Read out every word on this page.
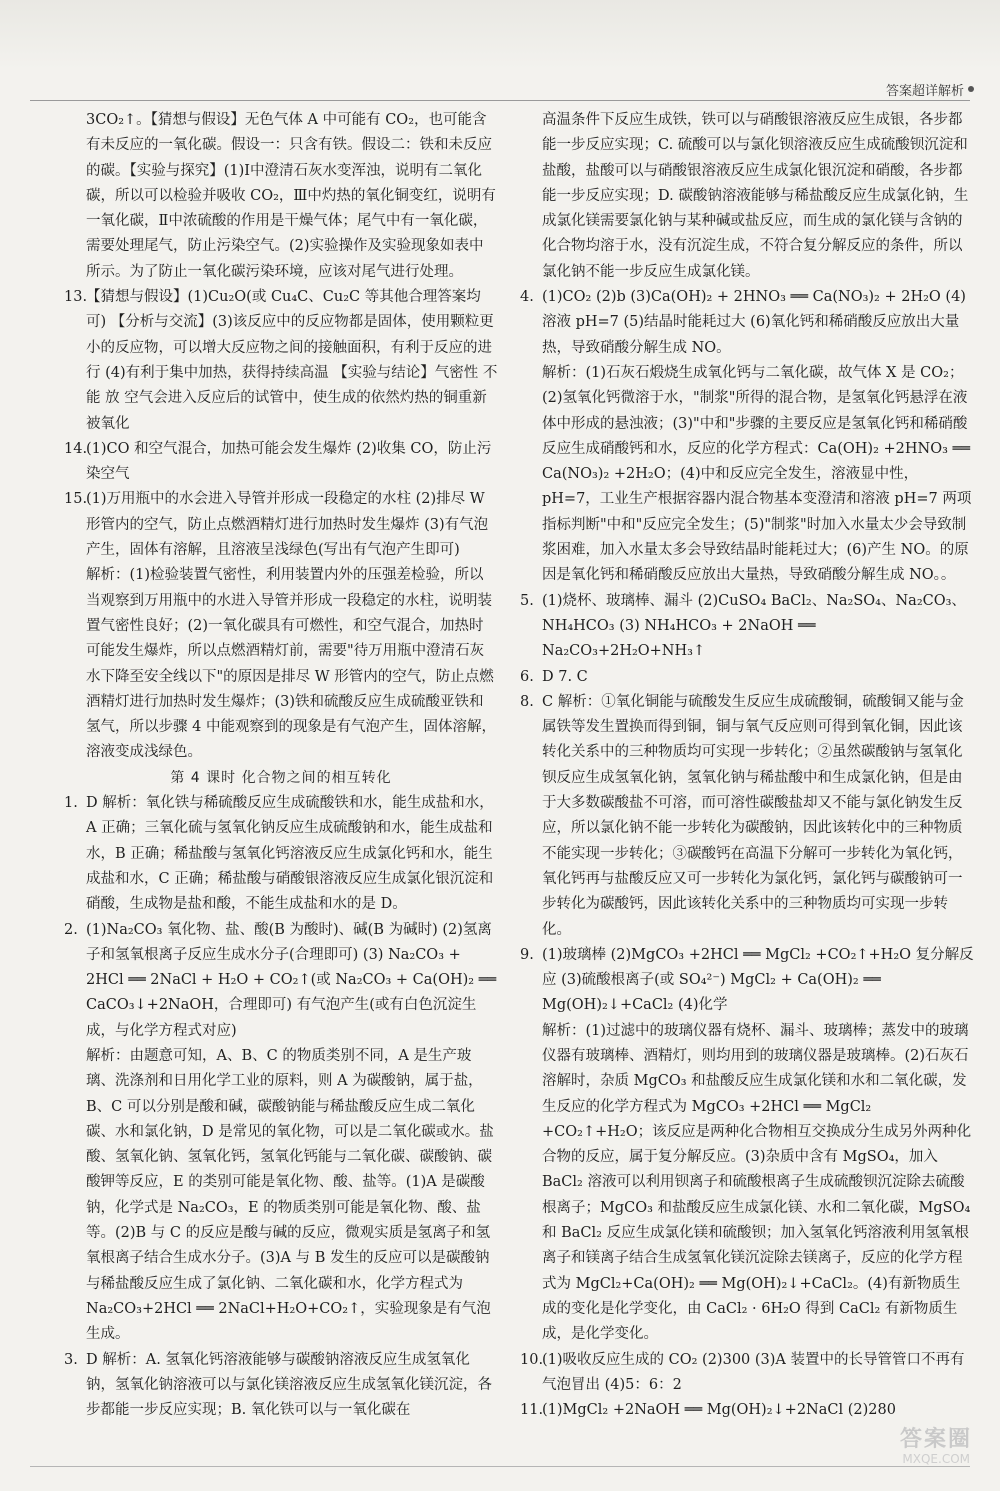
答案超详解析

3CO₂↑。【猜想与假设】无色气体 A 中可能有 CO₂，也可能含有未反应的一氧化碳。假设一：只含有铁。假设二：铁和未反应的碳。【实验与探究】(1)Ⅰ中澄清石灰水变浑浊，说明有二氧化碳，所以可以检验并吸收 CO₂，Ⅲ中灼热的氧化铜变红，说明有一氧化碳，Ⅱ中浓硫酸的作用是干燥气体；尾气中有一氧化碳，需要处理尾气，防止污染空气。(2)实验操作及实验现象如表中所示。为了防止一氧化碳污染环境，应该对尾气进行处理。

13.
【猜想与假设】(1)Cu₂O(或 Cu₄C、Cu₂C 等其他合理答案均可) 【分析与交流】(3)该反应中的反应物都是固体，使用颗粒更小的反应物，可以增大反应物之间的接触面积，有利于反应的进行 (4)有利于集中加热，获得持续高温 【实验与结论】气密性 不能 放 空气会进入反应后的试管中，使生成的依然灼热的铜重新被氧化
14.
(1)CO 和空气混合，加热可能会发生爆炸 (2)收集 CO，防止污染空气
15.
(1)万用瓶中的水会进入导管并形成一段稳定的水柱 (2)排尽 W 形管内的空气，防止点燃酒精灯进行加热时发生爆炸 (3)有气泡产生，固体有溶解，且溶液呈浅绿色(写出有气泡产生即可)

解析：(1)检验装置气密性，利用装置内外的压强差检验，所以当观察到万用瓶中的水进入导管并形成一段稳定的水柱，说明装置气密性良好；(2)一氧化碳具有可燃性，和空气混合，加热时可能发生爆炸，所以点燃酒精灯前，需要"待万用瓶中澄清石灰水下降至安全线以下"的原因是排尽 W 形管内的空气，防止点燃酒精灯进行加热时发生爆炸；(3)铁和硫酸反应生成硫酸亚铁和氢气，所以步骤 4 中能观察到的现象是有气泡产生，固体溶解，溶液变成浅绿色。

第 4 课时 化合物之间的相互转化

1. D 解析：氧化铁与稀硫酸反应生成硫酸铁和水，能生成盐和水，A 正确；三氧化硫与氢氧化钠反应生成硫酸钠和水，能生成盐和水，B 正确；稀盐酸与氢氧化钙溶液反应生成氯化钙和水，能生成盐和水，C 正确；稀盐酸与硝酸银溶液反应生成氯化银沉淀和硝酸，生成物是盐和酸，不能生成盐和水的是 D。
2. (1)Na₂CO₃ 氧化物、盐、酸(B 为酸时)、碱(B 为碱时) (2)氢离子和氢氧根离子反应生成水分子(合理即可) (3) Na₂CO₃ + 2HCl ══ 2NaCl + H₂O + CO₂↑(或 Na₂CO₃ + Ca(OH)₂ ══ CaCO₃↓+2NaOH，合理即可) 有气泡产生(或有白色沉淀生成，与化学方程式对应)

解析：由题意可知，A、B、C 的物质类别不同，A 是生产玻璃、洗涤剂和日用化学工业的原料，则 A 为碳酸钠，属于盐，B、C 可以分别是酸和碱，碳酸钠能与稀盐酸反应生成二氧化碳、水和氯化钠，D 是常见的氧化物，可以是二氧化碳或水。盐酸、氢氧化钠、氢氧化钙，氢氧化钙能与二氧化碳、碳酸钠、碳酸钾等反应，E 的类别可能是氧化物、酸、盐等。(1)A 是碳酸钠，化学式是 Na₂CO₃，E 的物质类别可能是氧化物、酸、盐等。(2)B 与 C 的反应是酸与碱的反应，微观实质是氢离子和氢氧根离子结合生成水分子。(3)A 与 B 发生的反应可以是碳酸钠与稀盐酸反应生成了氯化钠、二氧化碳和水，化学方程式为 Na₂CO₃+2HCl ══ 2NaCl+H₂O+CO₂↑，实验现象是有气泡生成。

3. D 解析：A. 氢氧化钙溶液能够与碳酸钠溶液反应生成氢氧化钠，氢氧化钠溶液可以与氯化镁溶液反应生成氢氧化镁沉淀，各步都能一步反应实现；B. 氧化铁可以与一氧化碳在

高温条件下反应生成铁，铁可以与硝酸银溶液反应生成银，各步都能一步反应实现；C. 硫酸可以与氯化钡溶液反应生成硫酸钡沉淀和盐酸，盐酸可以与硝酸银溶液反应生成氯化银沉淀和硝酸，各步都能一步反应实现；D. 碳酸钠溶液能够与稀盐酸反应生成氯化钠，生成氯化镁需要氯化钠与某种碱或盐反应，而生成的氯化镁与含钠的化合物均溶于水，没有沉淀生成，不符合复分解反应的条件，所以氯化钠不能一步反应生成氯化镁。

4. (1)CO₂ (2)b (3)Ca(OH)₂ + 2HNO₃ ══ Ca(NO₃)₂ + 2H₂O (4)溶液 pH=7 (5)结晶时能耗过大 (6)氧化钙和稀硝酸反应放出大量热，导致硝酸分解生成 NO。

解析：(1)石灰石煅烧生成氧化钙与二氧化碳，故气体 X 是 CO₂；(2)氢氧化钙微溶于水，"制浆"所得的混合物，是氢氧化钙悬浮在液体中形成的悬浊液；(3)"中和"步骤的主要反应是氢氧化钙和稀硝酸反应生成硝酸钙和水，反应的化学方程式：Ca(OH)₂ +2HNO₃ ══ Ca(NO₃)₂ +2H₂O；(4)中和反应完全发生，溶液显中性，pH=7，工业生产根据容器内混合物基本变澄清和溶液 pH=7 两项指标判断"中和"反应完全发生；(5)"制浆"时加入水量太少会导致制浆困难，加入水量太多会导致结晶时能耗过大；(6)产生 NO。的原因是氧化钙和稀硝酸反应放出大量热，导致硝酸分解生成 NO。。

5. (1)烧杯、玻璃棒、漏斗 (2)CuSO₄ BaCl₂、Na₂SO₄、Na₂CO₃、NH₄HCO₃ (3) NH₄HCO₃ + 2NaOH ══ Na₂CO₃+2H₂O+NH₃↑
6. D 7. C
8. C 解析：①氧化铜能与硫酸发生反应生成硫酸铜，硫酸铜又能与金属铁等发生置换而得到铜，铜与氧气反应则可得到氧化铜，因此该转化关系中的三种物质均可实现一步转化；②虽然碳酸钠与氢氧化钡反应生成氢氧化钠，氢氧化钠与稀盐酸中和生成氯化钠，但是由于大多数碳酸盐不可溶，而可溶性碳酸盐却又不能与氯化钠发生反应，所以氯化钠不能一步转化为碳酸钠，因此该转化中的三种物质不能实现一步转化；③碳酸钙在高温下分解可一步转化为氧化钙，氧化钙再与盐酸反应又可一步转化为氯化钙，氯化钙与碳酸钠可一步转化为碳酸钙，因此该转化关系中的三种物质均可实现一步转化。
9. (1)玻璃棒 (2)MgCO₃ +2HCl ══ MgCl₂ +CO₂↑+H₂O 复分解反应 (3)硫酸根离子(或 SO₄²⁻) MgCl₂ + Ca(OH)₂ ══ Mg(OH)₂↓+CaCl₂ (4)化学

解析：(1)过滤中的玻璃仪器有烧杯、漏斗、玻璃棒；蒸发中的玻璃仪器有玻璃棒、酒精灯，则均用到的玻璃仪器是玻璃棒。(2)石灰石溶解时，杂质 MgCO₃ 和盐酸反应生成氯化镁和水和二氧化碳，发生反应的化学方程式为 MgCO₃ +2HCl ══ MgCl₂ +CO₂↑+H₂O；该反应是两种化合物相互交换成分生成另外两种化合物的反应，属于复分解反应。(3)杂质中含有 MgSO₄，加入 BaCl₂ 溶液可以利用钡离子和硫酸根离子生成硫酸钡沉淀除去硫酸根离子；MgCO₃ 和盐酸反应生成氯化镁、水和二氧化碳，MgSO₄ 和 BaCl₂ 反应生成氯化镁和硫酸钡；加入氢氧化钙溶液利用氢氧根离子和镁离子结合生成氢氧化镁沉淀除去镁离子，反应的化学方程式为 MgCl₂+Ca(OH)₂ ══ Mg(OH)₂↓+CaCl₂。(4)有新物质生成的变化是化学变化，由 CaCl₂ · 6H₂O 得到 CaCl₂ 有新物质生成，是化学变化。

10.
(1)吸收反应生成的 CO₂ (2)300 (3)A 装置中的长导管管口不再有气泡冒出 (4)5：6：2
11.
(1)MgCl₂ +2NaOH ══ Mg(OH)₂↓+2NaCl (2)280
答案圈
MXQE.COM
